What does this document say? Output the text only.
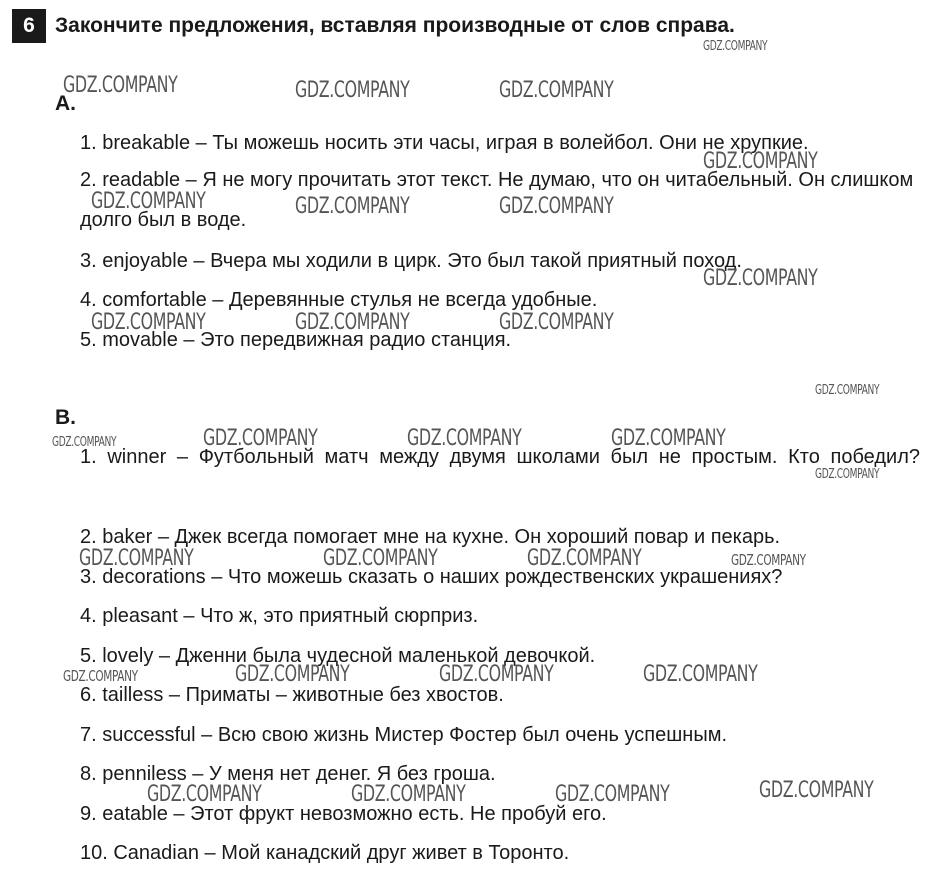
6 Закончите предложения, вставляя производные от слов справа.
A.
1. breakable – Ты можешь носить эти часы, играя в волейбол. Они не хрупкие.
2. readable – Я не могу прочитать этот текст. Не думаю, что он читабельный. Он слишком долго был в воде.
3. enjoyable – Вчера мы ходили в цирк. Это был такой приятный поход.
4. comfortable – Деревянные стулья не всегда удобные.
5. movable – Это передвижная радио станция.
B.
1. winner – Футбольный матч между двумя школами был не простым. Кто победил?
2. baker – Джек всегда помогает мне на кухне. Он хороший повар и пекарь.
3. decorations – Что можешь сказать о наших рождественских украшениях?
4. pleasant – Что ж, это приятный сюрприз.
5. lovely – Дженни была чудесной маленькой девочкой.
6. tailless – Приматы – животные без хвостов.
7. successful – Всю свою жизнь Мистер Фостер был очень успешным.
8. penniless – У меня нет денег. Я без гроша.
9. eatable – Этот фрукт невозможно есть. Не пробуй его.
10. Canadian – Мой канадский друг живет в Торонто.
GDZ.COMPANY
GDZ.COMPANY	GDZ.COMPANY	GDZ.COMPANY
GDZ.COMPANY
GDZ.COMPANY	GDZ.COMPANY	GDZ.COMPANY
GDZ.COMPANY
GDZ.COMPANY	GDZ.COMPANY	GDZ.COMPANY
GDZ.COMPANY
GDZ.COMPANY	GDZ.COMPANY	GDZ.COMPANY	GDZ.COMPANY
GDZ.COMPANY
GDZ.COMPANY	GDZ.COMPANY	GDZ.COMPANY	GDZ.COMPANY
GDZ.COMPANY	GDZ.COMPANY	GDZ.COMPANY	GDZ.COMPANY
GDZ.COMPANY
GDZ.COMPANY	GDZ.COMPANY	GDZ.COMPANY
